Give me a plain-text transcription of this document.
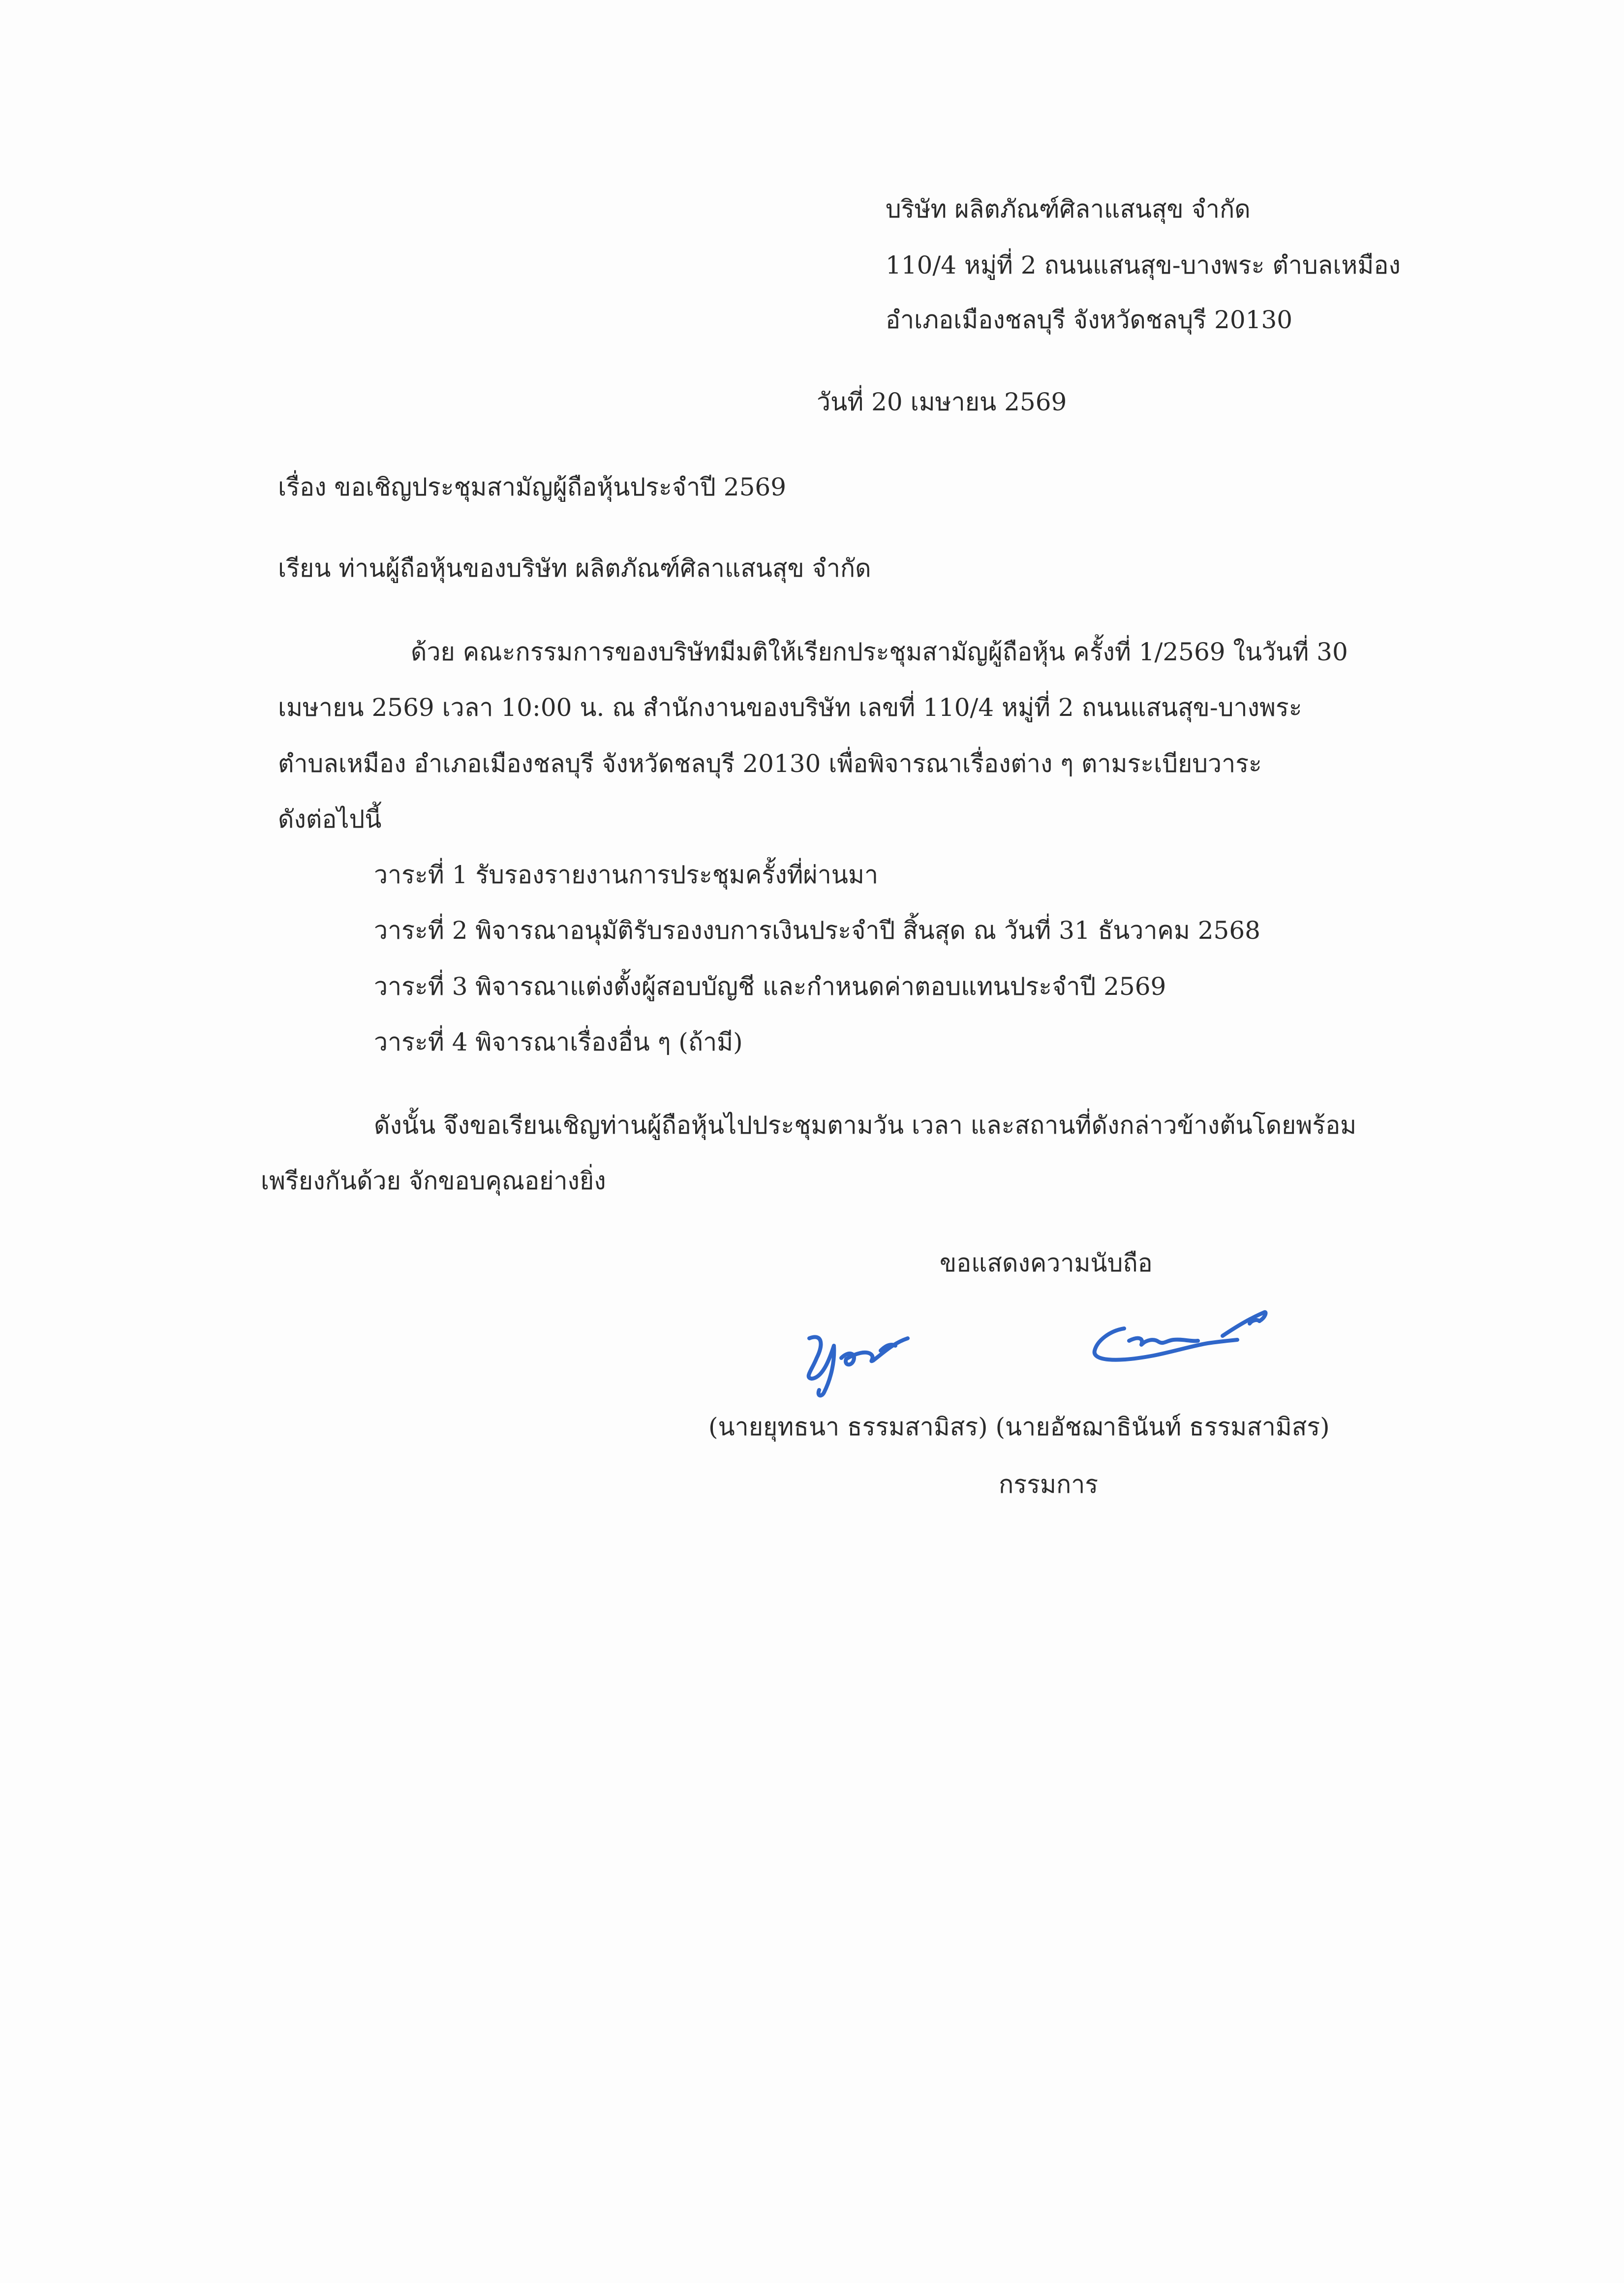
บริษัท ผลิตภัณฑ์ศิลาแสนสุข จำกัด
110/4 หมู่ที่ 2 ถนนแสนสุข-บางพระ ตำบลเหมือง
อำเภอเมืองชลบุรี จังหวัดชลบุรี 20130
วันที่ 20 เมษายน 2569
เรื่อง ขอเชิญประชุมสามัญผู้ถือหุ้นประจำปี 2569
เรียน ท่านผู้ถือหุ้นของบริษัท ผลิตภัณฑ์ศิลาแสนสุข จำกัด
ด้วย คณะกรรมการของบริษัทมีมติให้เรียกประชุมสามัญผู้ถือหุ้น ครั้งที่ 1/2569 ในวันที่ 30
เมษายน 2569 เวลา 10:00 น. ณ สำนักงานของบริษัท เลขที่ 110/4 หมู่ที่ 2 ถนนแสนสุข-บางพระ
ตำบลเหมือง อำเภอเมืองชลบุรี จังหวัดชลบุรี 20130 เพื่อพิจารณาเรื่องต่าง ๆ ตามระเบียบวาระ
ดังต่อไปนี้
วาระที่ 1 รับรองรายงานการประชุมครั้งที่ผ่านมา
วาระที่ 2 พิจารณาอนุมัติรับรองงบการเงินประจำปี สิ้นสุด ณ วันที่ 31 ธันวาคม 2568
วาระที่ 3 พิจารณาแต่งตั้งผู้สอบบัญชี และกำหนดค่าตอบแทนประจำปี 2569
วาระที่ 4 พิจารณาเรื่องอื่น ๆ (ถ้ามี)
ดังนั้น จึงขอเรียนเชิญท่านผู้ถือหุ้นไปประชุมตามวัน เวลา และสถานที่ดังกล่าวข้างต้นโดยพร้อม
เพรียงกันด้วย จักขอบคุณอย่างยิ่ง
ขอแสดงความนับถือ
(นายยุทธนา ธรรมสามิสร) (นายอัชฌาธินันท์ ธรรมสามิสร)
กรรมการ
